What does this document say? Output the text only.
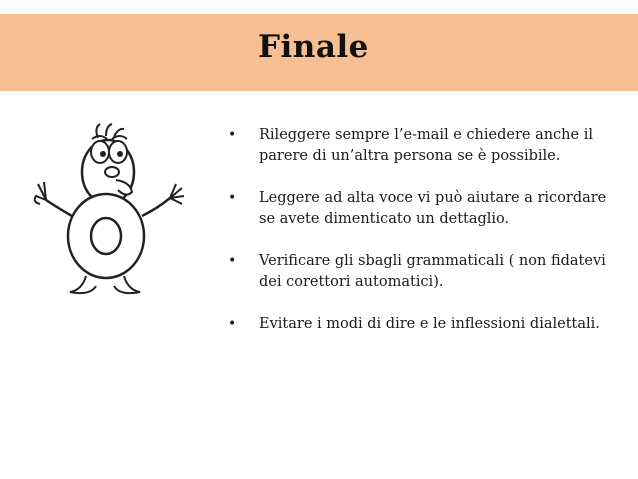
Finale
• Rileggere sempre l’e-mail e chiedere anche il parere di un’altra persona se è possibile.
• Leggere ad alta voce vi può aiutare a ricordare se avete dimenticato un dettaglio.
• Verificare gli sbagli grammaticali ( non fidatevi dei corettori automatici).
• Evitare i modi di dire e le inflessioni dialettali.
